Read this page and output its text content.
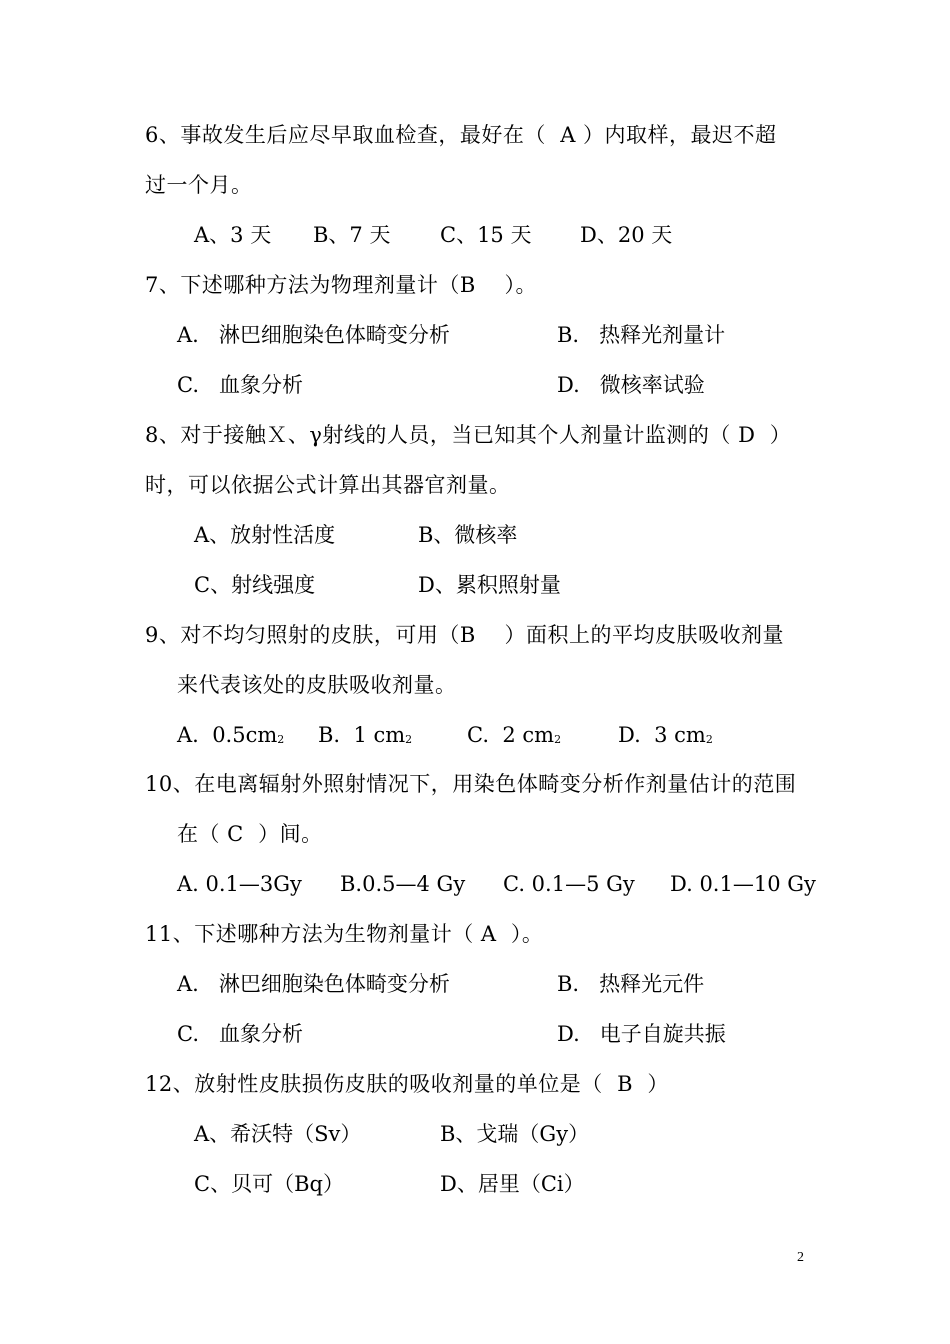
6、事故发生后应尽早取血检查，最好在（  A ）内取样，最迟不超
过一个月。
A、3 天 B、7 天 C、15 天 D、20 天
7、下述哪种方法为物理剂量计（B    ）。
A.   淋巴细胞染色体畸变分析	B.   热释光剂量计
C.   血象分析	D.   微核率试验
8、对于接触Ｘ、γ射线的人员，当已知其个人剂量计监测的（ D  ）
时，可以依据公式计算出其器官剂量。
A、放射性活度	B、微核率
C、射线强度	D、累积照射量
9、对不均匀照射的皮肤，可用（B    ）面积上的平均皮肤吸收剂量
来代表该处的皮肤吸收剂量。
A.  $0.5cm_2$ B.  1 $cm_2$	C.  2 $cm_2$	D.  3 $cm_2$
10、在电离辐射外照射情况下，用染色体畸变分析作剂量估计的范围
在（ C  ）间。
A. 0.1—3Gy B.0.5—4 Gy C. 0.1—5 Gy D. 0.1—10 Gy
11、下述哪种方法为生物剂量计（ A  ）。
A.   淋巴细胞染色体畸变分析	B.   热释光元件
C.   血象分析	D.   电子自旋共振
12、放射性皮肤损伤皮肤的吸收剂量的单位是（  B  ）
A、希沃特（Sv）	B、戈瑞（Gy）
C、贝可（Bq）	D、居里（Ci）
2
